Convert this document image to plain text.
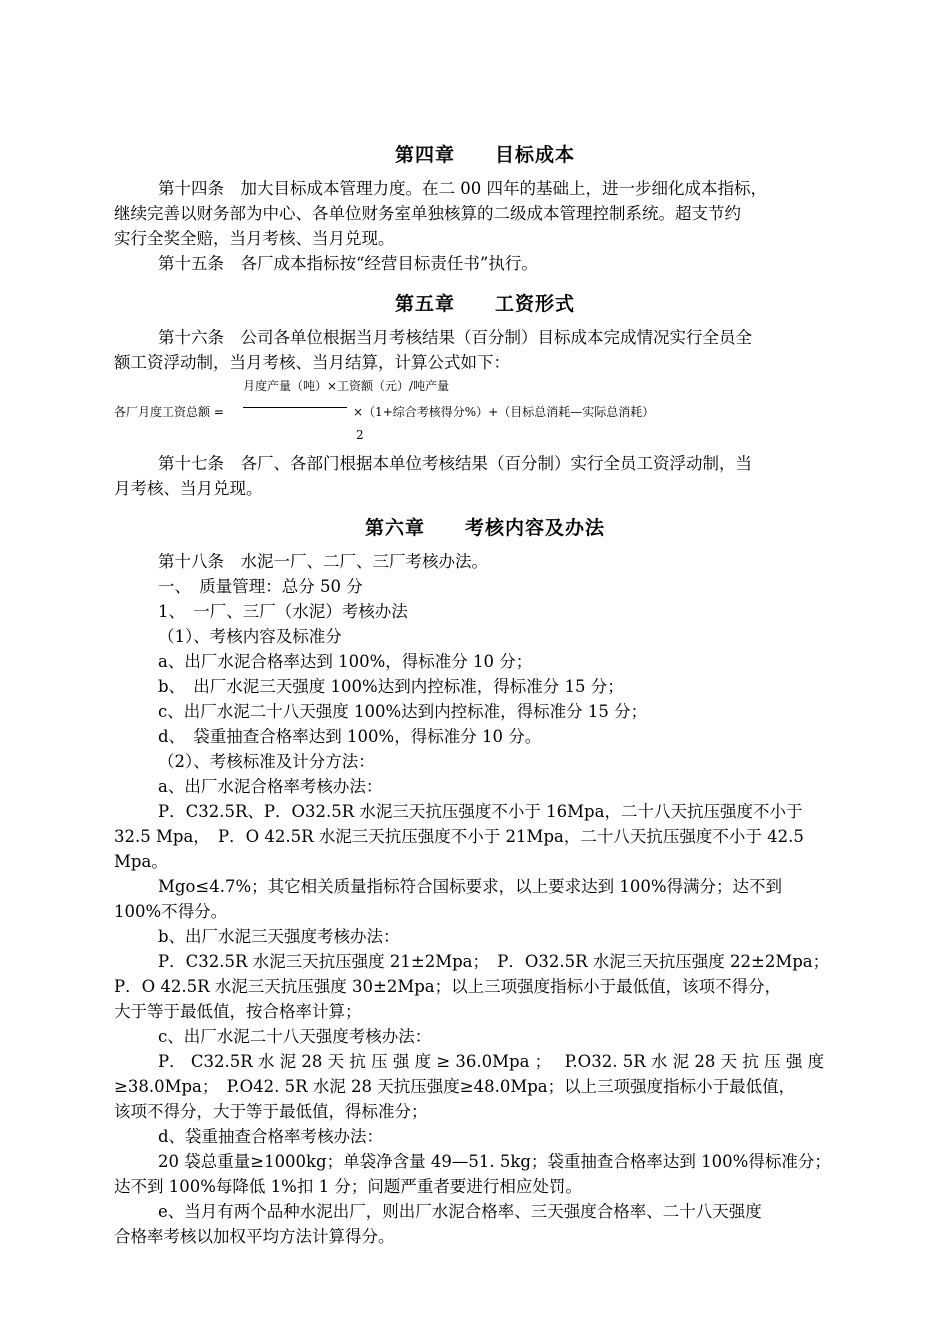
第四章　　目标成本
第十四条　加大目标成本管理力度。在二 00 四年的基础上，进一步细化成本指标，
继续完善以财务部为中心、各单位财务室单独核算的二级成本管理控制系统。超支节约
实行全奖全赔，当月考核、当月兑现。
第十五条　各厂成本指标按“经营目标责任书”执行。
第五章　　工资形式
第十六条　公司各单位根据当月考核结果（百分制）目标成本完成情况实行全员全
额工资浮动制，当月考核、当月结算，计算公式如下：
月度产量（吨）×工资额（元）/吨产量
各厂月度工资总额 =	×（1+综合考核得分%）+（目标总消耗—实际总消耗）
2
第十七条　各厂、各部门根据本单位考核结果（百分制）实行全员工资浮动制，当
月考核、当月兑现。
第六章　　考核内容及办法
第十八条　水泥一厂、二厂、三厂考核办法。
一、　质量管理：总分 50 分
1、　一厂、三厂（水泥）考核办法
（1）、考核内容及标准分
a、出厂水泥合格率达到 100%，得标准分 10 分；
b、　出厂水泥三天强度 100%达到内控标准，得标准分 15 分；
c、出厂水泥二十八天强度 100%达到内控标准，得标准分 15 分；
d、　袋重抽查合格率达到 100%，得标准分 10 分。
（2）、考核标准及计分方法：
a、出厂水泥合格率考核办法：
P．C32.5R、P．O32.5R 水泥三天抗压强度不小于 16Mpa，二十八天抗压强度不小于
32.5 Mpa，　P．O 42.5R 水泥三天抗压强度不小于 21Mpa，二十八天抗压强度不小于 42.5
Mpa。
Mgo≤4.7%；其它相关质量指标符合国标要求，以上要求达到 100%得满分；达不到
100%不得分。
b、出厂水泥三天强度考核办法：
P．C32.5R 水泥三天抗压强度 21±2Mpa；　P．O32.5R 水泥三天抗压强度 22±2Mpa；
P．O 42.5R 水泥三天抗压强度 30±2Mpa；以上三项强度指标小于最低值，该项不得分，
大于等于最低值，按合格率计算；
c、出厂水泥二十八天强度考核办法：
P． C32.5R 水 泥 28 天 抗 压 强 度 ≥ 36.0Mpa ；　 P.O32. 5R 水 泥 28 天 抗 压 强 度
≥38.0Mpa；　P.O42. 5R 水泥 28 天抗压强度≥48.0Mpa；以上三项强度指标小于最低值，
该项不得分，大于等于最低值，得标准分；
d、袋重抽查合格率考核办法：
20 袋总重量≥1000kg；单袋净含量 49—51. 5kg；袋重抽查合格率达到 100%得标准分；
达不到 100%每降低 1%扣 1 分；问题严重者要进行相应处罚。
e、当月有两个品种水泥出厂，则出厂水泥合格率、三天强度合格率、二十八天强度
合格率考核以加权平均方法计算得分。
